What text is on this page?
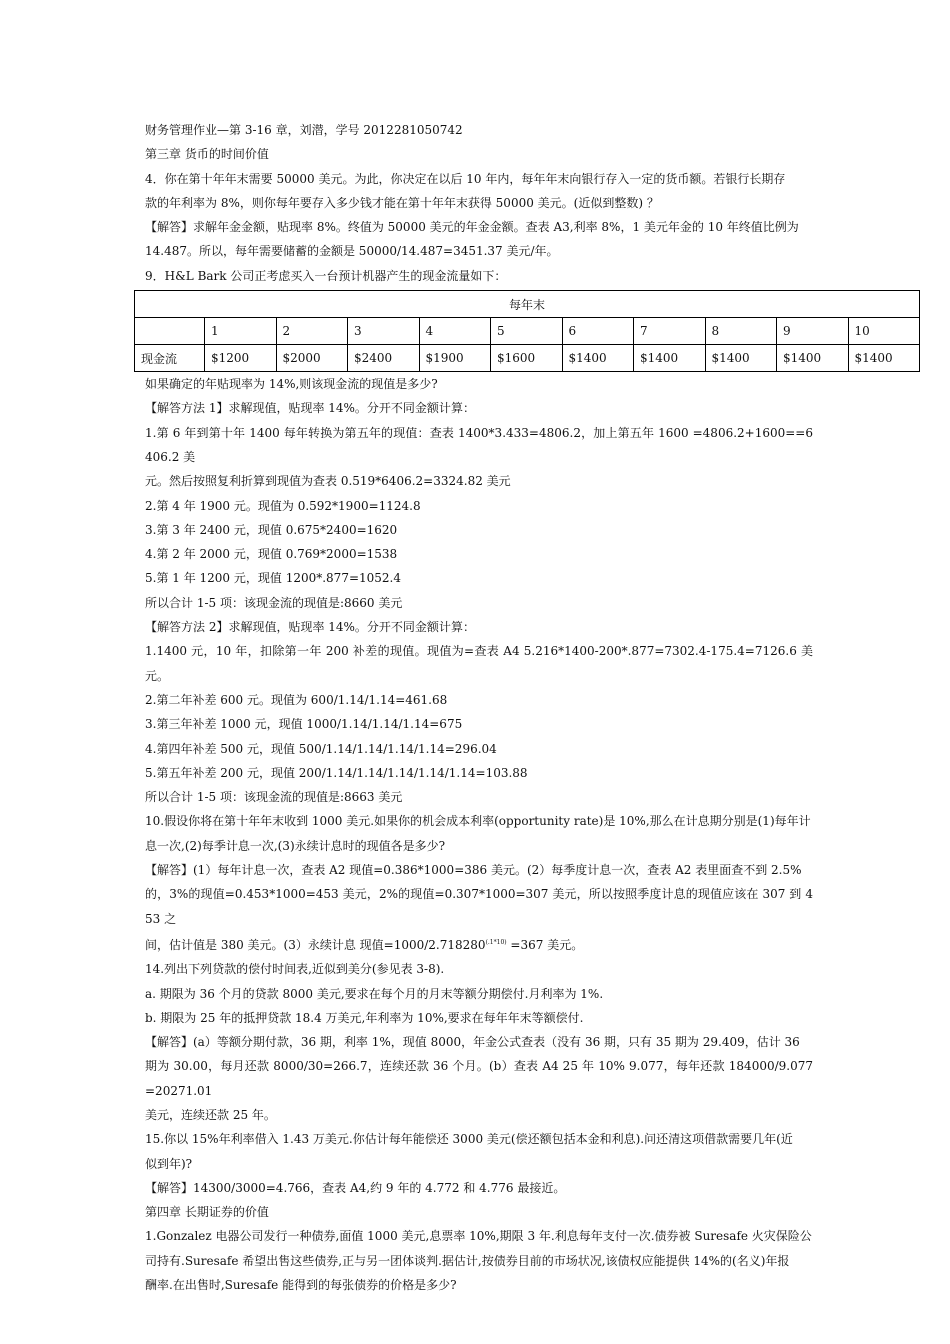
财务管理作业—第 3-16 章，刘潜，学号 2012281050742

第三章 货币的时间价值

4．你在第十年年末需要 50000 美元。为此，你决定在以后 10 年内，每年年末向银行存入一定的货币额。若银行长期存

款的年利率为 8%，则你每年要存入多少钱才能在第十年年末获得 50000 美元。(近似到整数) ？

【解答】求解年金金额，贴现率 8%。终值为 50000 美元的年金金额。查表 A3,利率 8%，1 美元年金的 10 年终值比例为

14.487。所以，每年需要储蓄的金额是 50000/14.487=3451.37 美元/年。

9．H&L Bark 公司正考虑买入一台预计机器产生的现金流量如下：

每年末										
	1	2	3	4	5	6	7	8	9	10
现金流	$1200	$2000	$2400	$1900	$1600	$1400	$1400	$1400	$1400	$1400

如果确定的年贴现率为 14%,则该现金流的现值是多少?

【解答方法 1】求解现值，贴现率 14%。分开不同金额计算：

1.第 6 年到第十年 1400 每年转换为第五年的现值：查表 1400*3.433=4806.2，加上第五年 1600 =4806.2+1600==6406.2 美

元。然后按照复利折算到现值为查表 0.519*6406.2=3324.82 美元

2.第 4 年 1900 元。现值为 0.592*1900=1124.8

3.第 3 年 2400 元，现值 0.675*2400=1620

4.第 2 年 2000 元，现值 0.769*2000=1538

5.第 1 年 1200 元，现值 1200*.877=1052.4

所以合计 1-5 项：该现金流的现值是:8660 美元

【解答方法 2】求解现值，贴现率 14%。分开不同金额计算：

1.1400 元，10 年，扣除第一年 200 补差的现值。现值为=查表 A4 5.216*1400-200*.877=7302.4-175.4=7126.6 美元。

2.第二年补差 600 元。现值为 600/1.14/1.14=461.68

3.第三年补差 1000 元，现值 1000/1.14/1.14/1.14=675

4.第四年补差 500 元，现值 500/1.14/1.14/1.14/1.14=296.04

5.第五年补差 200 元，现值 200/1.14/1.14/1.14/1.14/1.14=103.88

所以合计 1-5 项：该现金流的现值是:8663 美元

10.假设你将在第十年年末收到 1000 美元.如果你的机会成本利率(opportunity rate)是 10%,那么在计息期分别是(1)每年计

息一次,(2)每季计息一次,(3)永续计息时的现值各是多少?

【解答】(1）每年计息一次，查表 A2 现值=0.386*1000=386 美元。(2）每季度计息一次，查表 A2 表里面查不到 2.5%

的，3%的现值=0.453*1000=453 美元，2%的现值=0.307*1000=307 美元，所以按照季度计息的现值应该在 307 到 453 之

间，估计值是 380 美元。(3）永续计息 现值$=1000/2.718280^{(.1*10)} =367$ 美元。

14.列出下列贷款的偿付时间表,近似到美分(参见表 3-8).

a. 期限为 36 个月的贷款 8000 美元,要求在每个月的月末等额分期偿付.月利率为 1%.

b. 期限为 25 年的抵押贷款 18.4 万美元,年利率为 10%,要求在每年年末等额偿付.

【解答】(a）等额分期付款，36 期，利率 1%，现值 8000，年金公式查表（没有 36 期，只有 35 期为 29.409，估计 36

期为 30.00，每月还款 8000/30=266.7，连续还款 36 个月。(b）查表 A4 25 年 10% 9.077，每年还款 184000/9.077=20271.01

美元，连续还款 25 年。

15.你以 15%年利率借入 1.43 万美元.你估计每年能偿还 3000 美元(偿还额包括本金和利息).问还清这项借款需要几年(近

似到年)?

【解答】14300/3000=4.766，查表 A4,约 9 年的 4.772 和 4.776 最接近。

第四章 长期证券的价值

1.Gonzalez 电器公司发行一种债券,面值 1000 美元,息票率 10%,期限 3 年.利息每年支付一次.债券被 Suresafe 火灾保险公

司持有.Suresafe 希望出售这些债券,正与另一团体谈判.据估计,按债券目前的市场状况,该债权应能提供 14%的(名义)年报

酬率.在出售时,Suresafe 能得到的每张债券的价格是多少?
